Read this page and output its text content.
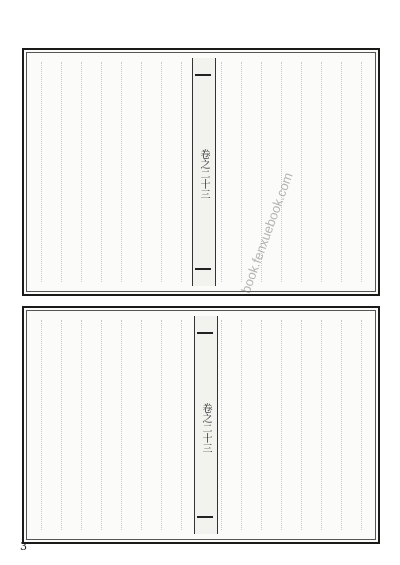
卷之二十三
卷之二十三
3
book.fenxuebook.com
